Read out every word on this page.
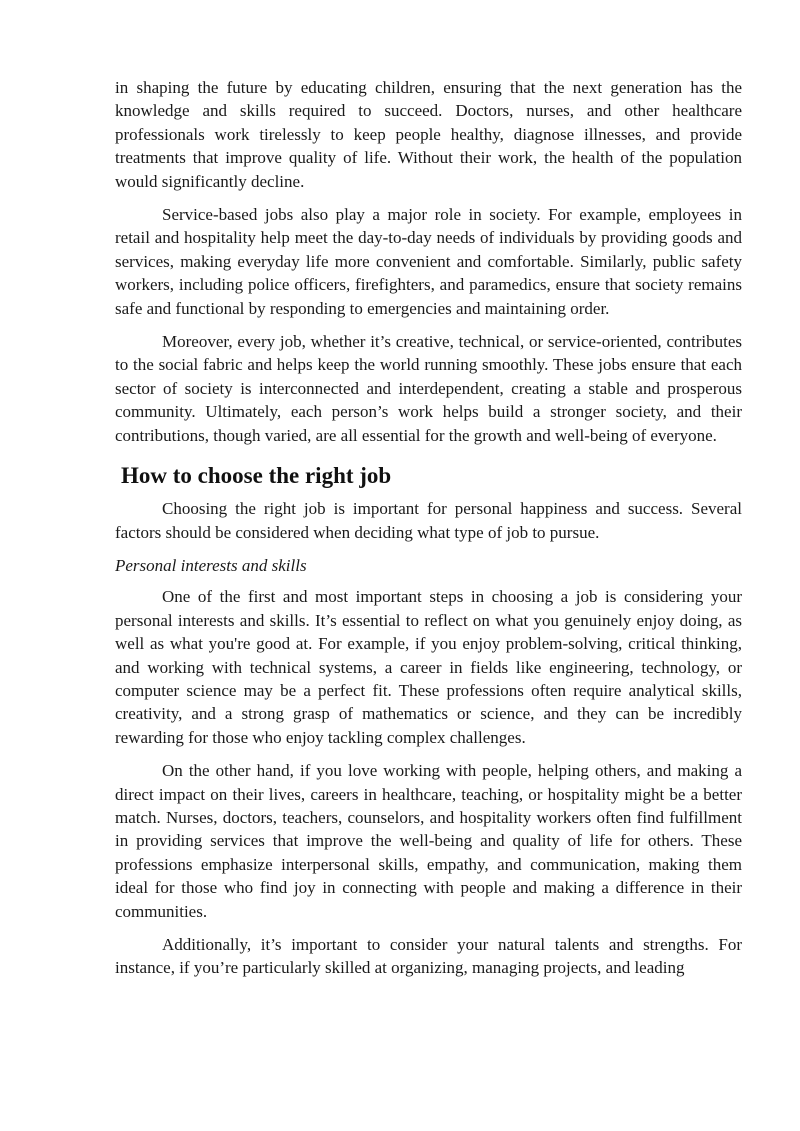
in shaping the future by educating children, ensuring that the next generation has the knowledge and skills required to succeed. Doctors, nurses, and other healthcare professionals work tirelessly to keep people healthy, diagnose illnesses, and provide treatments that improve quality of life. Without their work, the health of the population would significantly decline.

Service-based jobs also play a major role in society. For example, employees in retail and hospitality help meet the day-to-day needs of individuals by providing goods and services, making everyday life more convenient and comfortable. Similarly, public safety workers, including police officers, firefighters, and paramedics, ensure that society remains safe and functional by responding to emergencies and maintaining order.

Moreover, every job, whether it’s creative, technical, or service-oriented, contributes to the social fabric and helps keep the world running smoothly. These jobs ensure that each sector of society is interconnected and interdependent, creating a stable and prosperous community. Ultimately, each person’s work helps build a stronger society, and their contributions, though varied, are all essential for the growth and well-being of everyone.

How to choose the right job

Choosing the right job is important for personal happiness and success. Several factors should be considered when deciding what type of job to pursue.

Personal interests and skills

One of the first and most important steps in choosing a job is considering your personal interests and skills. It’s essential to reflect on what you genuinely enjoy doing, as well as what you're good at. For example, if you enjoy problem-solving, critical thinking, and working with technical systems, a career in fields like engineering, technology, or computer science may be a perfect fit. These professions often require analytical skills, creativity, and a strong grasp of mathematics or science, and they can be incredibly rewarding for those who enjoy tackling complex challenges.

On the other hand, if you love working with people, helping others, and making a direct impact on their lives, careers in healthcare, teaching, or hospitality might be a better match. Nurses, doctors, teachers, counselors, and hospitality workers often find fulfillment in providing services that improve the well-being and quality of life for others. These professions emphasize interpersonal skills, empathy, and communication, making them ideal for those who find joy in connecting with people and making a difference in their communities.

Additionally, it’s important to consider your natural talents and strengths. For instance, if you’re particularly skilled at organizing, managing projects, and leading
